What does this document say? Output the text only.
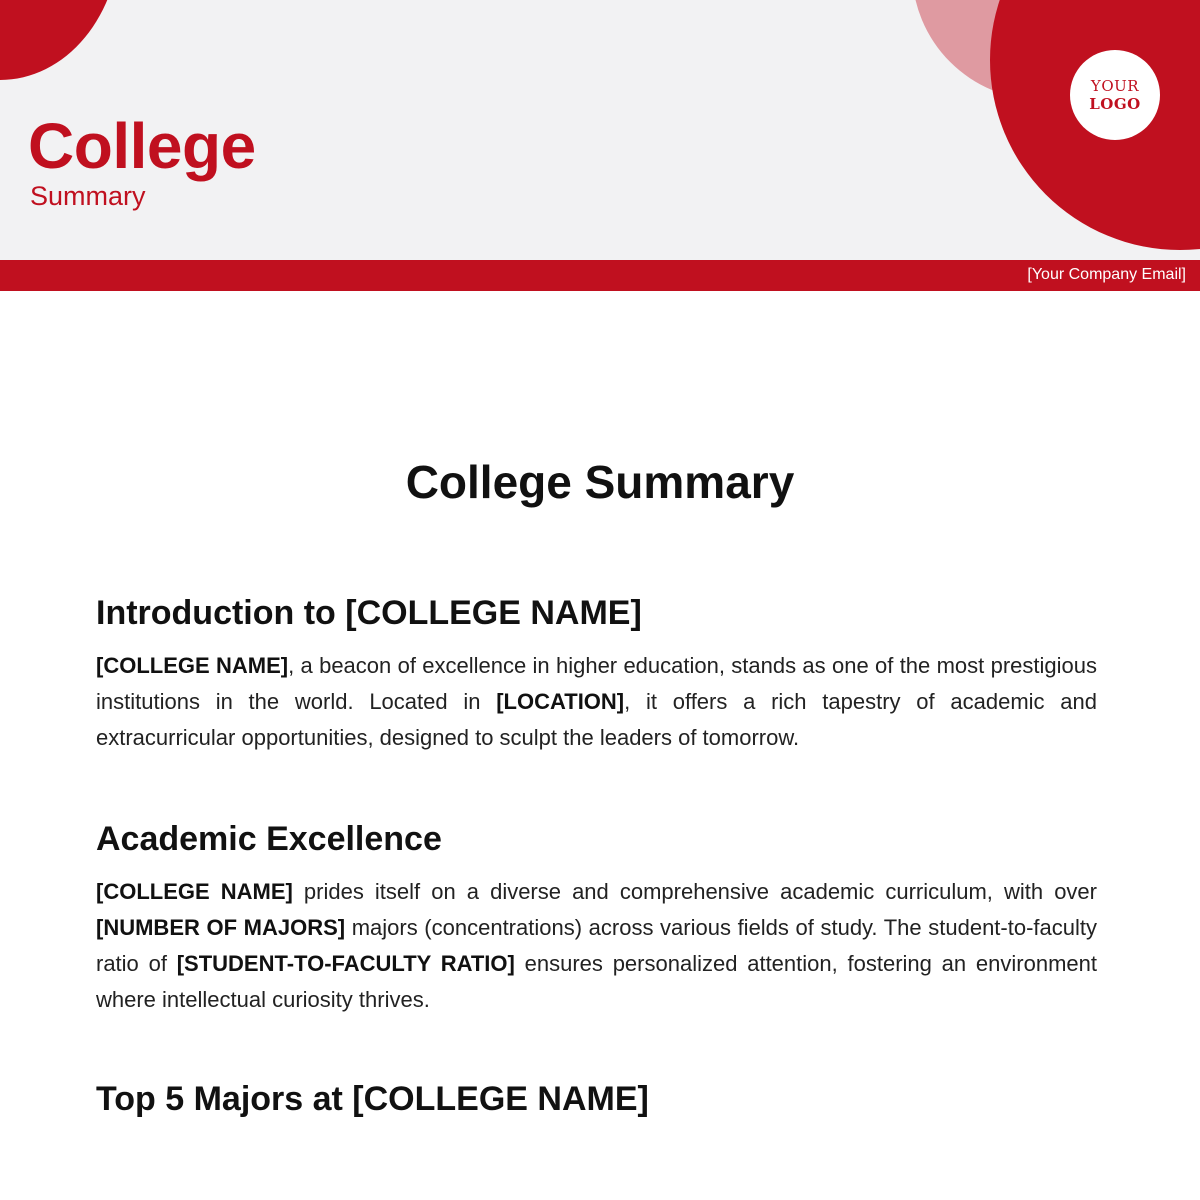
YOUR
LOGO
College
Summary
[Your Company Email]
College Summary
Introduction to [COLLEGE NAME]

[COLLEGE NAME], a beacon of excellence in higher education, stands as one of the most prestigious institutions in the world. Located in [LOCATION], it offers a rich tapestry of academic and extracurricular opportunities, designed to sculpt the leaders of tomorrow.

Academic Excellence

[COLLEGE NAME] prides itself on a diverse and comprehensive academic curriculum, with over [NUMBER OF MAJORS] majors (concentrations) across various fields of study. The student-to-faculty ratio of [STUDENT-TO-FACULTY RATIO] ensures personalized attention, fostering an environment where intellectual curiosity thrives.

Top 5 Majors at [COLLEGE NAME]
